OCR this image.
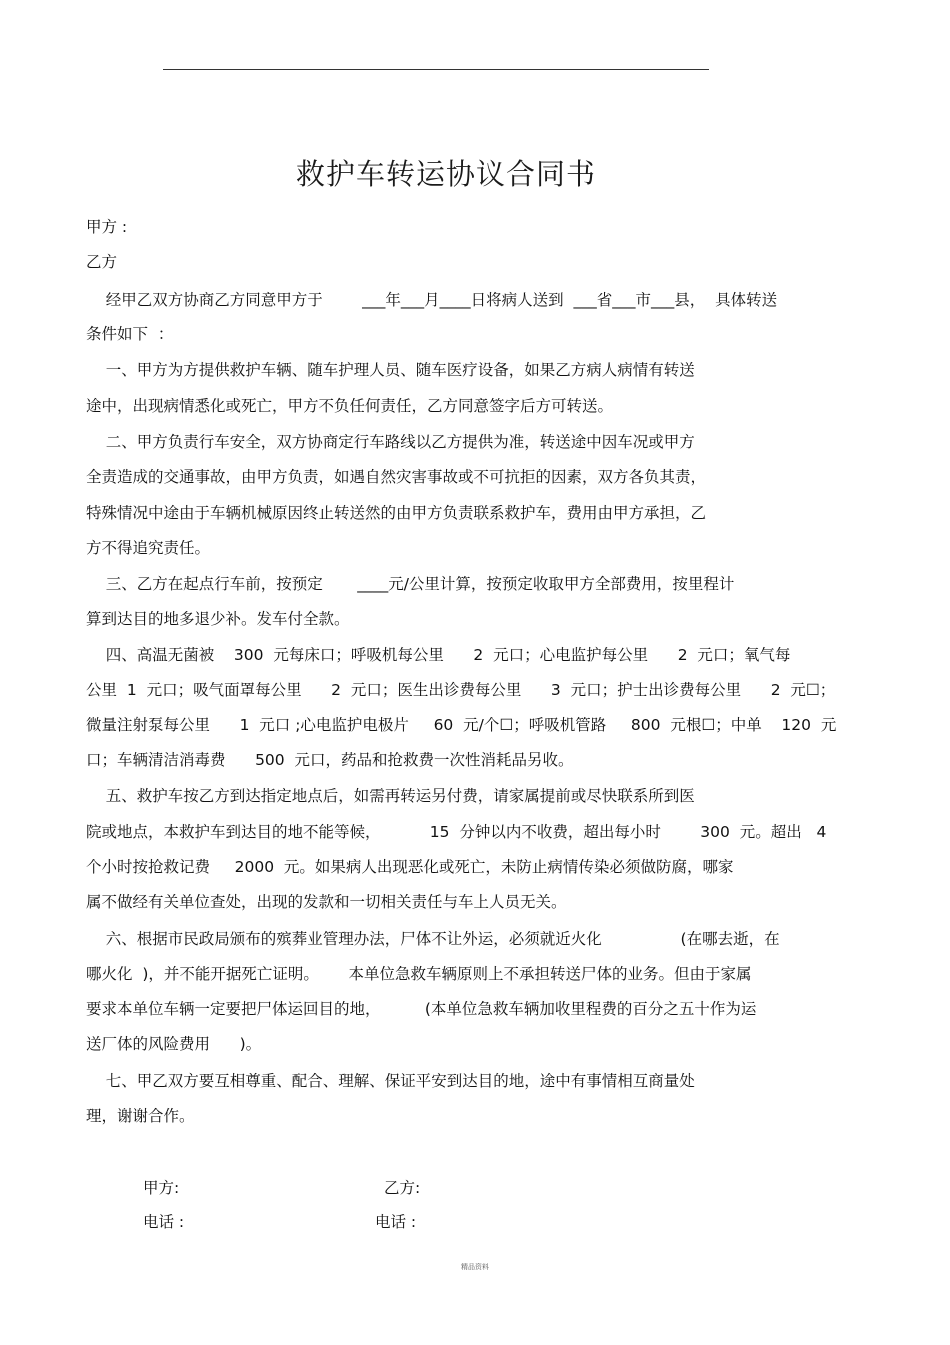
救护车转运协议合同书
甲方 :
乙方
经甲乙双方协商乙方同意甲方于        ___年___月____日将病人送到  ___省___市___县，  具体转送
条件如下  ：
一、甲方为方提供救护车辆、随车护理人员、随车医疗设备，如果乙方病人病情有转送
途中，出现病情悉化或死亡，甲方不负任何责任，乙方同意签字后方可转送。
二、甲方负责行车安全，双方协商定行车路线以乙方提供为准，转送途中因车况或甲方
全责造成的交通事故，由甲方负责，如遇自然灾害事故或不可抗拒的因素，双方各负其责，
特殊情况中途由于车辆机械原因终止转送然的由甲方负责联系救护车，费用由甲方承担，乙
方不得追究责任。
三、乙方在起点行车前，按预定       ____元/公里计算，按预定收取甲方全部费用，按里程计
算到达目的地多退少补。发车付全款。
四、高温无菌被    300  元每床口；呼吸机每公里      2  元口；心电监护每公里      2  元口；氧气每
公里  1  元口；吸气面罩每公里      2  元口；医生出诊费每公里      3  元口；护士出诊费每公里      2  元☐；
微量注射泵每公里      1  元口 ;心电监护电极片     60  元/个☐；呼吸机管路     800  元根☐；中单    120  元
口；车辆清洁消毒费      500  元口，药品和抢救费一次性消耗品另收。
五、救护车按乙方到达指定地点后，如需再转运另付费，请家属提前或尽快联系所到医
院或地点，本救护车到达目的地不能等候，          15  分钟以内不收费，超出每小时        300  元。超出   4
个小时按抢救记费     2000  元。如果病人出现恶化或死亡，未防止病情传染必须做防腐，哪家
属不做经有关单位查处，出现的发款和一切相关责任与车上人员无关。
六、根据市民政局颁布的殡葬业管理办法，尸体不让外运，必须就近火化                (在哪去逝，在
哪火化  )，并不能开据死亡证明。      本单位急救车辆原则上不承担转送尸体的业务。但由于家属
要求本单位车辆一定要把尸体运回目的地，         (本单位急救车辆加收里程费的百分之五十作为运
送厂体的风险费用      )。
七、甲乙双方要互相尊重、配合、理解、保证平安到达目的地，途中有事情相互商量处
理，谢谢合作。
甲方:	乙方:
电话 :	电话 :
精品资料
